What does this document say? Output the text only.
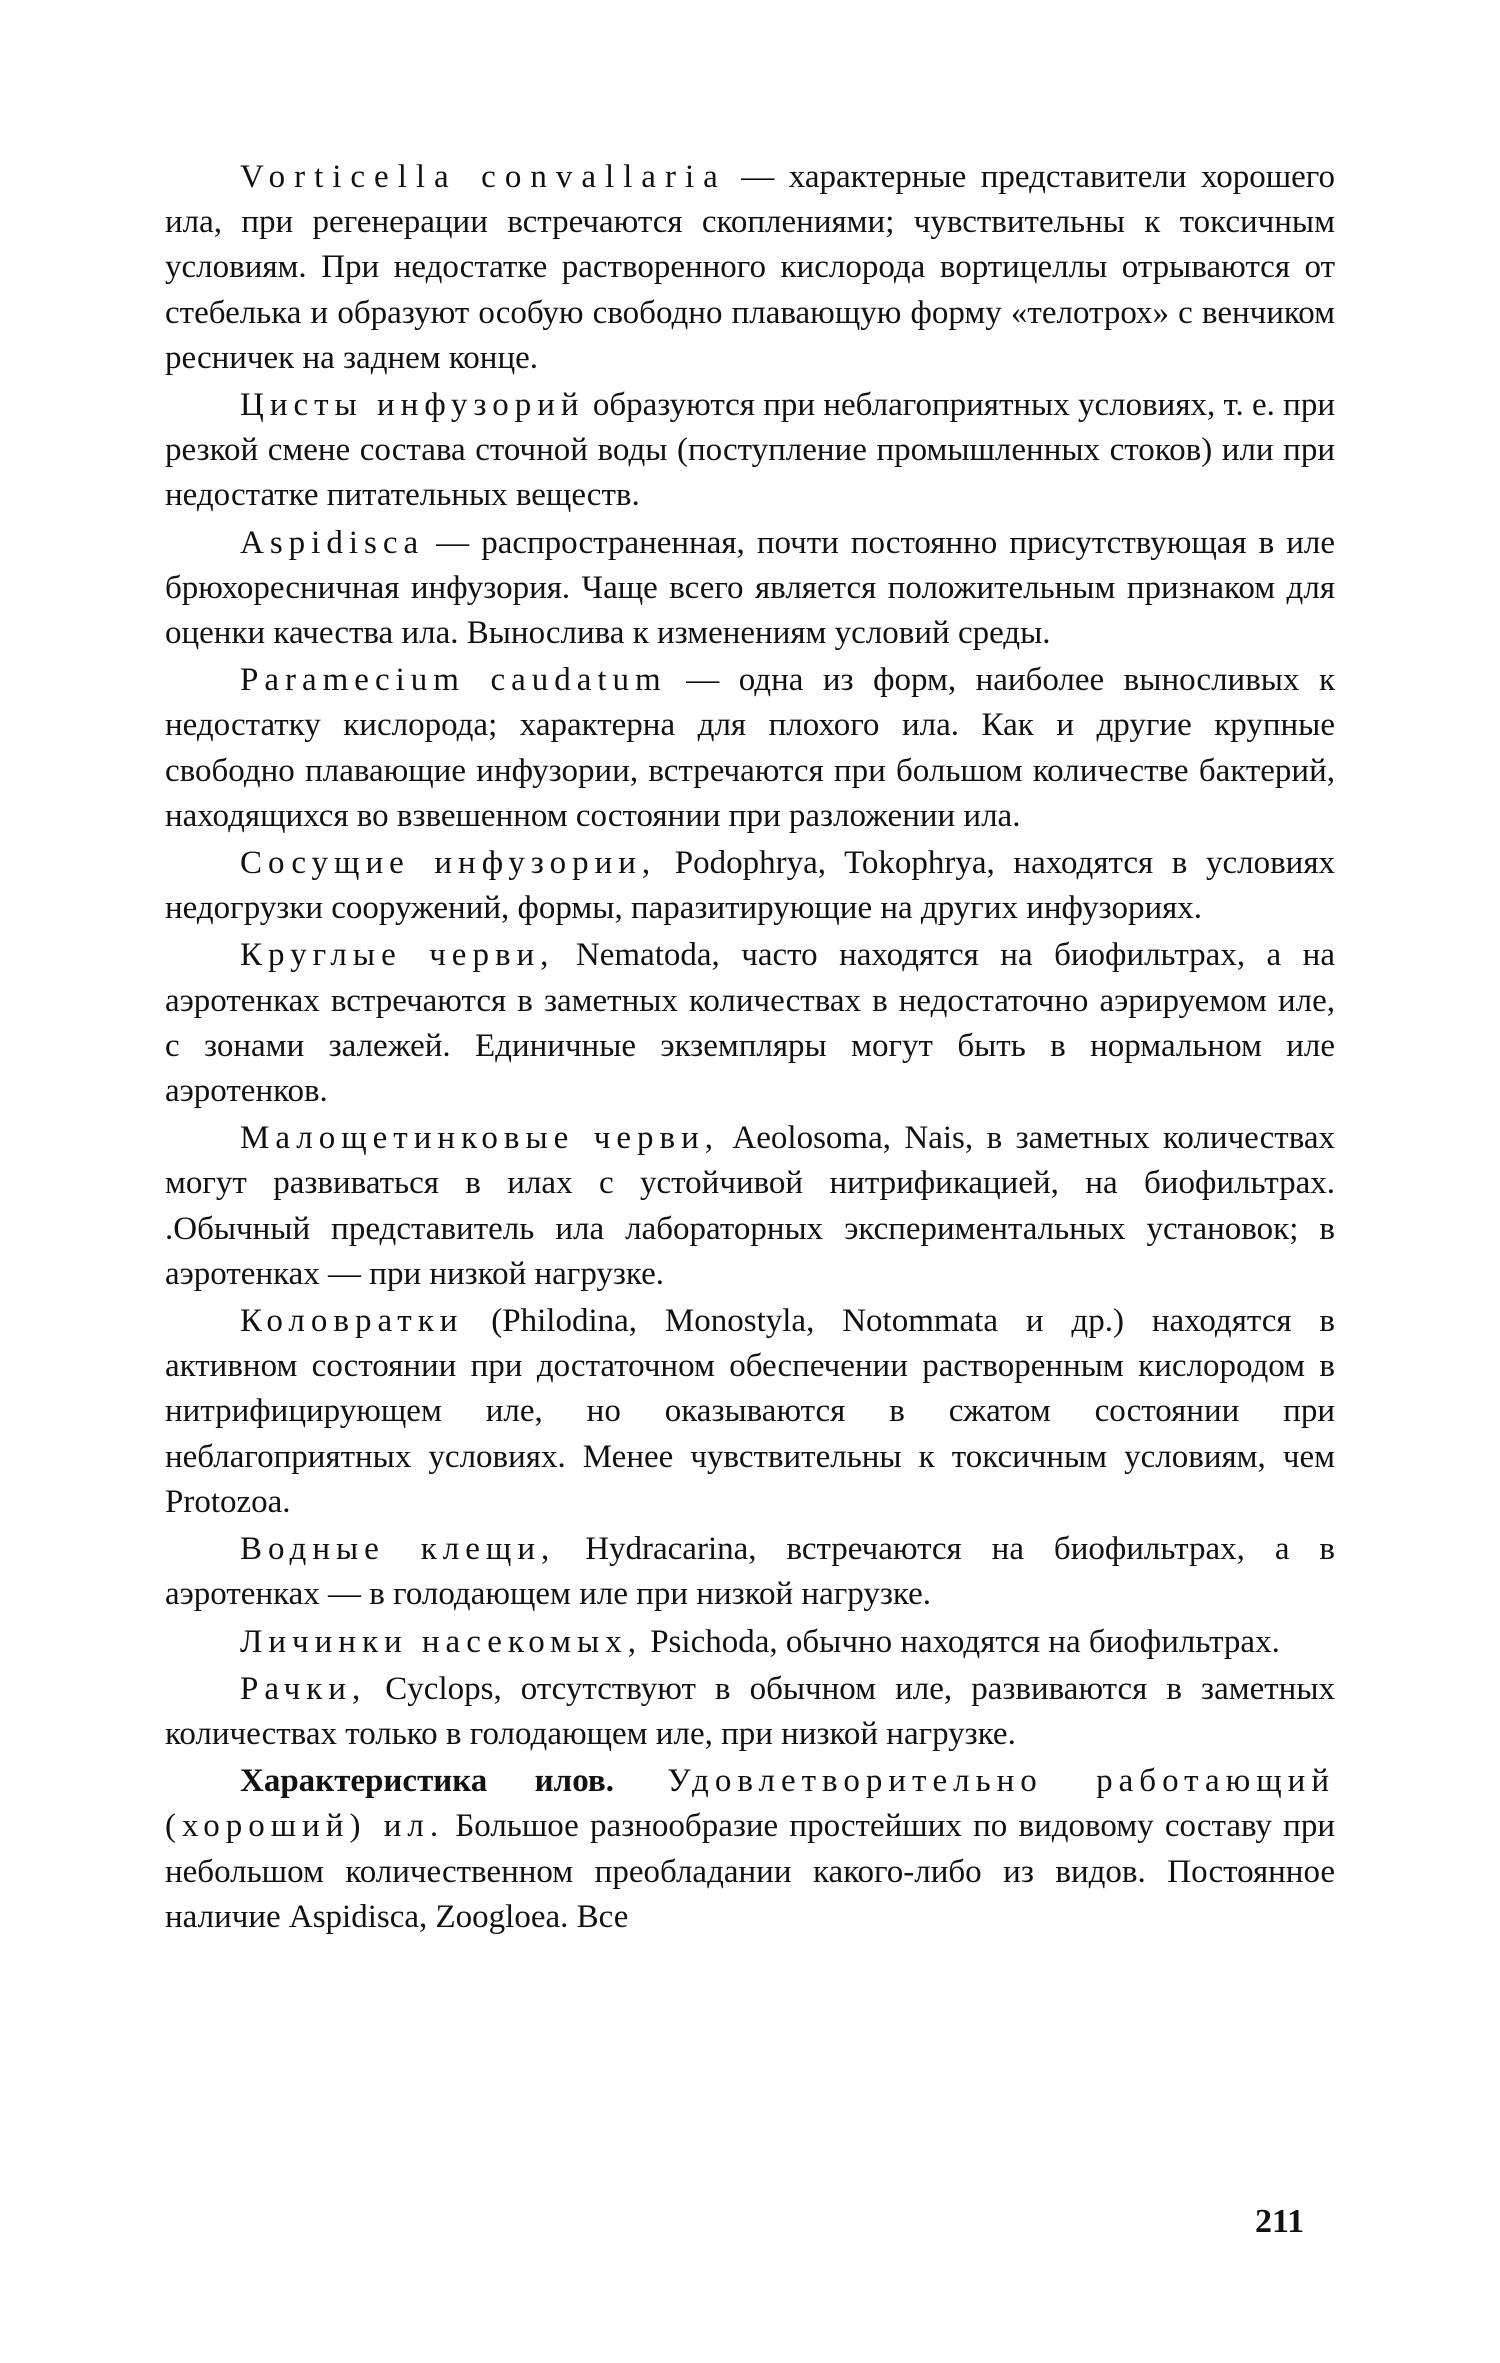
Vorticella convallaria — характерные представители хорошего ила, при регенерации встречаются скоплениями; чувствительны к токсичным условиям. При недостатке растворенного кислорода вортицеллы отрываются от стебелька и образуют особую свободно плавающую форму «телотрох» с венчиком ресничек на заднем конце.

Цисты инфузорий образуются при неблагоприятных условиях, т. е. при резкой смене состава сточной воды (поступление промышленных стоков) или при недостатке питательных веществ.

Aspidisca — распространенная, почти постоянно присутствующая в иле брюхоресничная инфузория. Чаще всего является положительным признаком для оценки качества ила. Вынослива к изменениям условий среды.

Paramecium caudatum — одна из форм, наиболее выносливых к недостатку кислорода; характерна для плохого ила. Как и другие крупные свободно плавающие инфузории, встречаются при большом количестве бактерий, находящихся во взвешенном состоянии при разложении ила.

Сосущие инфузории, Podophrya, Tokophrya, находятся в условиях недогрузки сооружений, формы, паразитирующие на других инфузориях.

Круглые черви, Nematoda, часто находятся на биофильтрах, а на аэротенках встречаются в заметных количествах в недостаточно аэрируемом иле, с зонами залежей. Единичные экземпляры могут быть в нормальном иле аэротенков.

Малощетинковые черви, Aeolosoma, Nais, в заметных количествах могут развиваться в илах с устойчивой нитрификацией, на биофильтрах. .Обычный представитель ила лабораторных экспериментальных установок; в аэротенках — при низкой нагрузке.

Коловратки (Philodina, Monostyla, Notommata и др.) находятся в активном состоянии при достаточном обеспечении растворенным кислородом в нитрифицирующем иле, но оказываются в сжатом состоянии при неблагоприятных условиях. Менее чувствительны к токсичным условиям, чем Protozoa.

Водные клещи, Hydracarina, встречаются на биофильтрах, а в аэротенках — в голодающем иле при низкой нагрузке.

Личинки насекомых, Psichoda, обычно находятся на биофильтрах.

Рачки, Cyclops, отсутствуют в обычном иле, развиваются в заметных количествах только в голодающем иле, при низкой нагрузке.

Характеристика илов. Удовлетворительно работающий (хороший) ил. Большое разнообразие простейших по видовому составу при небольшом количественном преобладании какого-либо из видов. Постоянное наличие Aspidisca, Zoogloea. Все

211
